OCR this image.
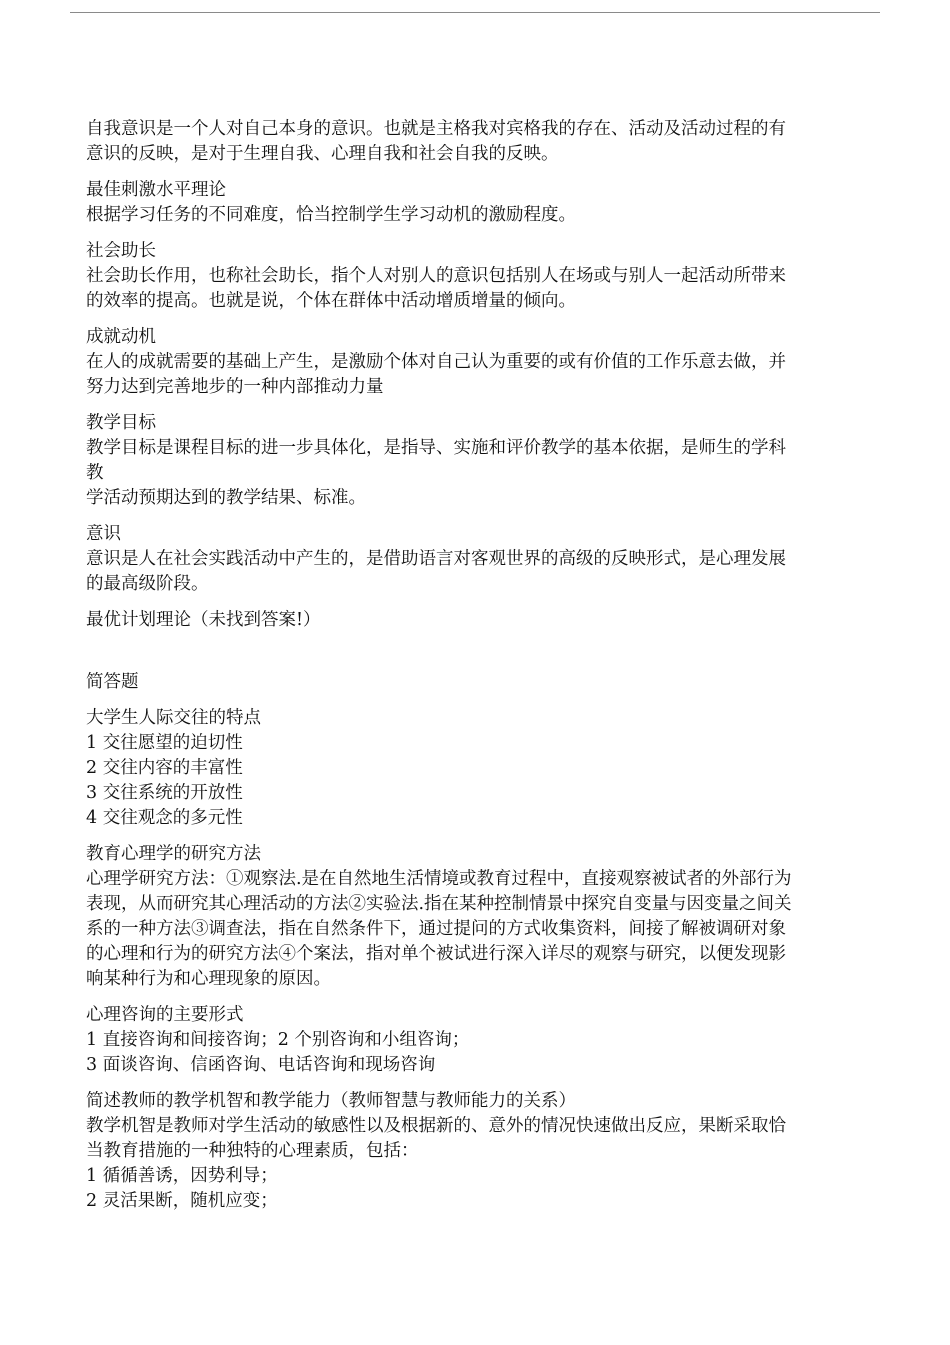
自我意识是一个人对自己本身的意识。也就是主格我对宾格我的存在、活动及活动过程的有
意识的反映，是对于生理自我、心理自我和社会自我的反映。
最佳刺激水平理论
根据学习任务的不同难度，恰当控制学生学习动机的激励程度。
社会助长
社会助长作用，也称社会助长，指个人对别人的意识包括别人在场或与别人一起活动所带来
的效率的提高。也就是说，个体在群体中活动增质增量的倾向。
成就动机
在人的成就需要的基础上产生，是激励个体对自己认为重要的或有价值的工作乐意去做，并
努力达到完善地步的一种内部推动力量
教学目标
教学目标是课程目标的进一步具体化，是指导、实施和评价教学的基本依据，是师生的学科
教
学活动预期达到的教学结果、标准。
意识
意识是人在社会实践活动中产生的，是借助语言对客观世界的高级的反映形式，是心理发展
的最高级阶段。
最优计划理论（未找到答案!）
简答题
大学生人际交往的特点
1 交往愿望的迫切性
2 交往内容的丰富性
3 交往系统的开放性
4 交往观念的多元性
教育心理学的研究方法
心理学研究方法：①观察法.是在自然地生活情境或教育过程中，直接观察被试者的外部行为
表现，从而研究其心理活动的方法②实验法.指在某种控制情景中探究自变量与因变量之间关
系的一种方法③调查法，指在自然条件下，通过提问的方式收集资料，间接了解被调研对象
的心理和行为的研究方法④个案法，指对单个被试进行深入详尽的观察与研究，以便发现影
响某种行为和心理现象的原因。
心理咨询的主要形式
1 直接咨询和间接咨询；2 个别咨询和小组咨询；
3 面谈咨询、信函咨询、电话咨询和现场咨询
简述教师的教学机智和教学能力（教师智慧与教师能力的关系）
教学机智是教师对学生活动的敏感性以及根据新的、意外的情况快速做出反应，果断采取恰
当教育措施的一种独特的心理素质，包括：
1 循循善诱，因势利导；
2 灵活果断，随机应变；
